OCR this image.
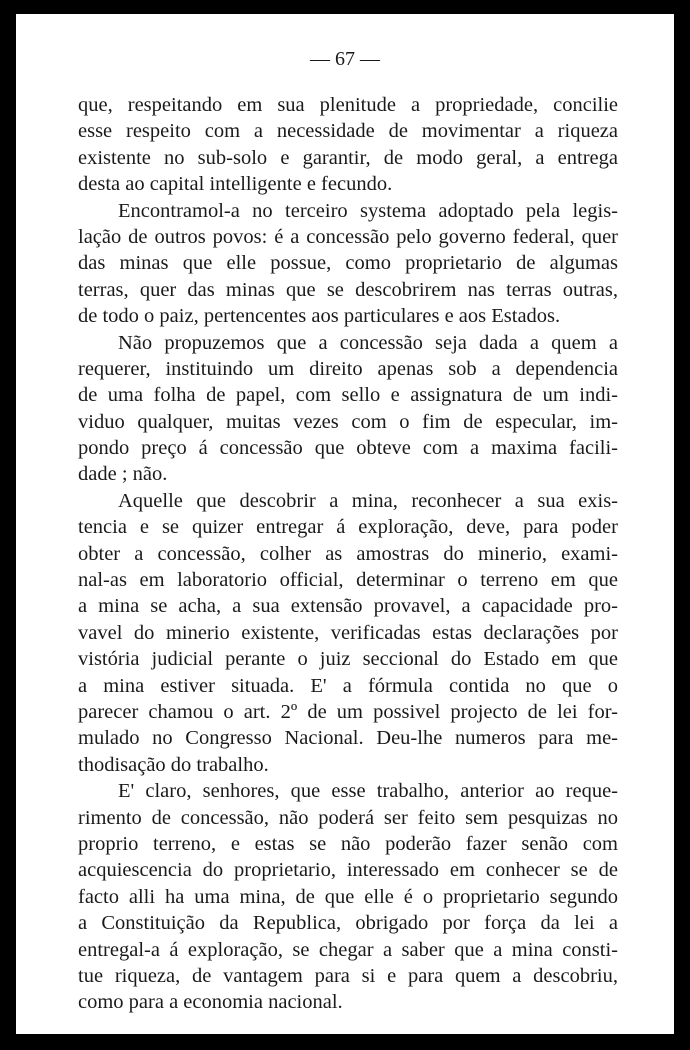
— 67 —
que, respeitando em sua plenitude a propriedade, concilie
esse respeito com a necessidade de movimentar a riqueza
existente no sub-solo e garantir, de modo geral, a entrega
desta ao capital intelligente e fecundo.
Encontramol-a no terceiro systema adoptado pela legis-
lação de outros povos: é a concessão pelo governo federal, quer
das minas que elle possue, como proprietario de algumas
terras, quer das minas que se descobrirem nas terras outras,
de todo o paiz, pertencentes aos particulares e aos Estados.
Não propuzemos que a concessão seja dada a quem a
requerer, instituindo um direito apenas sob a dependencia
de uma folha de papel, com sello e assignatura de um indi-
viduo qualquer, muitas vezes com o fim de especular, im-
pondo preço á concessão que obteve com a maxima facili-
dade ; não.
Aquelle que descobrir a mina, reconhecer a sua exis-
tencia e se quizer entregar á exploração, deve, para poder
obter a concessão, colher as amostras do minerio, exami-
nal-as em laboratorio official, determinar o terreno em que
a mina se acha, a sua extensão provavel, a capacidade pro-
vavel do minerio existente, verificadas estas declarações por
vistória judicial perante o juiz seccional do Estado em que
a mina estiver situada. E' a fórmula contida no que o
parecer chamou o art. 2º de um possivel projecto de lei for-
mulado no Congresso Nacional. Deu-lhe numeros para me-
thodisação do trabalho.
E' claro, senhores, que esse trabalho, anterior ao reque-
rimento de concessão, não poderá ser feito sem pesquizas no
proprio terreno, e estas se não poderão fazer senão com
acquiescencia do proprietario, interessado em conhecer se de
facto alli ha uma mina, de que elle é o proprietario segundo
a Constituição da Republica, obrigado por força da lei a
entregal-a á exploração, se chegar a saber que a mina consti-
tue riqueza, de vantagem para si e para quem a descobriu,
como para a economia nacional.
